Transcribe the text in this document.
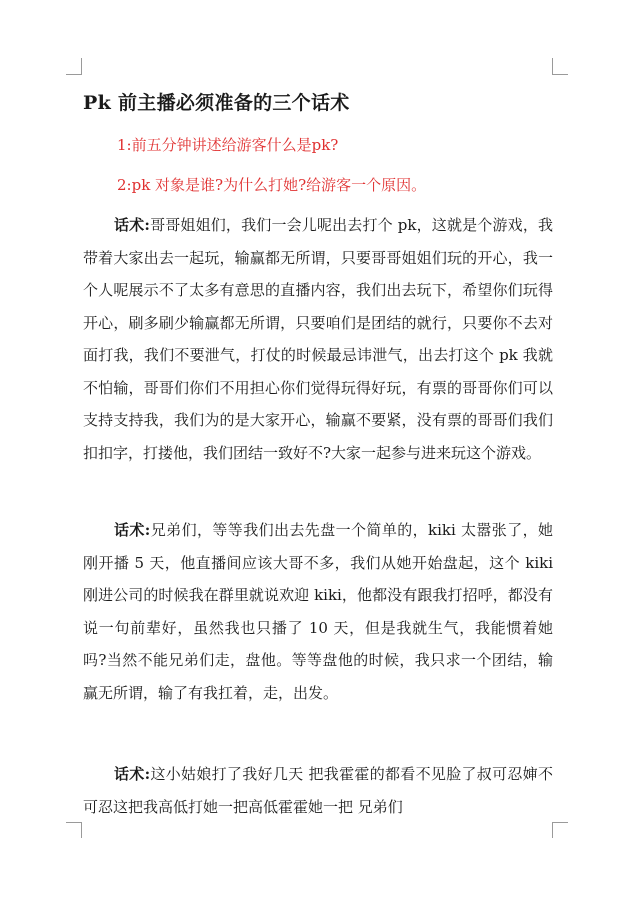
Pk 前主播必须准备的三个话术

1:前五分钟讲述给游客什么是pk?

2:pk 对象是谁?为什么打她?给游客一个原因。

话术:哥哥姐姐们，我们一会儿呢出去打个 pk，这就是个游戏，我带着大家出去一起玩，输赢都无所谓，只要哥哥姐姐们玩的开心，我一个人呢展示不了太多有意思的直播内容，我们出去玩下，希望你们玩得开心，刷多刷少输赢都无所谓，只要咱们是团结的就行，只要你不去对面打我，我们不要泄气，打仗的时候最忌讳泄气，出去打这个 pk 我就不怕输，哥哥们你们不用担心你们觉得玩得好玩，有票的哥哥你们可以支持支持我，我们为的是大家开心，输赢不要紧，没有票的哥哥们我们扣扣字，打搂他，我们团结一致好不?大家一起参与进来玩这个游戏。

话术:兄弟们，等等我们出去先盘一个简单的，kiki 太嚣张了，她刚开播 5 天，他直播间应该大哥不多，我们从她开始盘起，这个 kiki 刚进公司的时候我在群里就说欢迎 kiki，他都没有跟我打招呼，都没有说一句前辈好，虽然我也只播了 10 天，但是我就生气，我能惯着她吗?当然不能兄弟们走，盘他。等等盘他的时候，我只求一个团结，输赢无所谓，输了有我扛着，走，出发。

话术:这小姑娘打了我好几天 把我霍霍的都看不见脸了叔可忍婶不可忍这把我高低打她一把高低霍霍她一把 兄弟们
